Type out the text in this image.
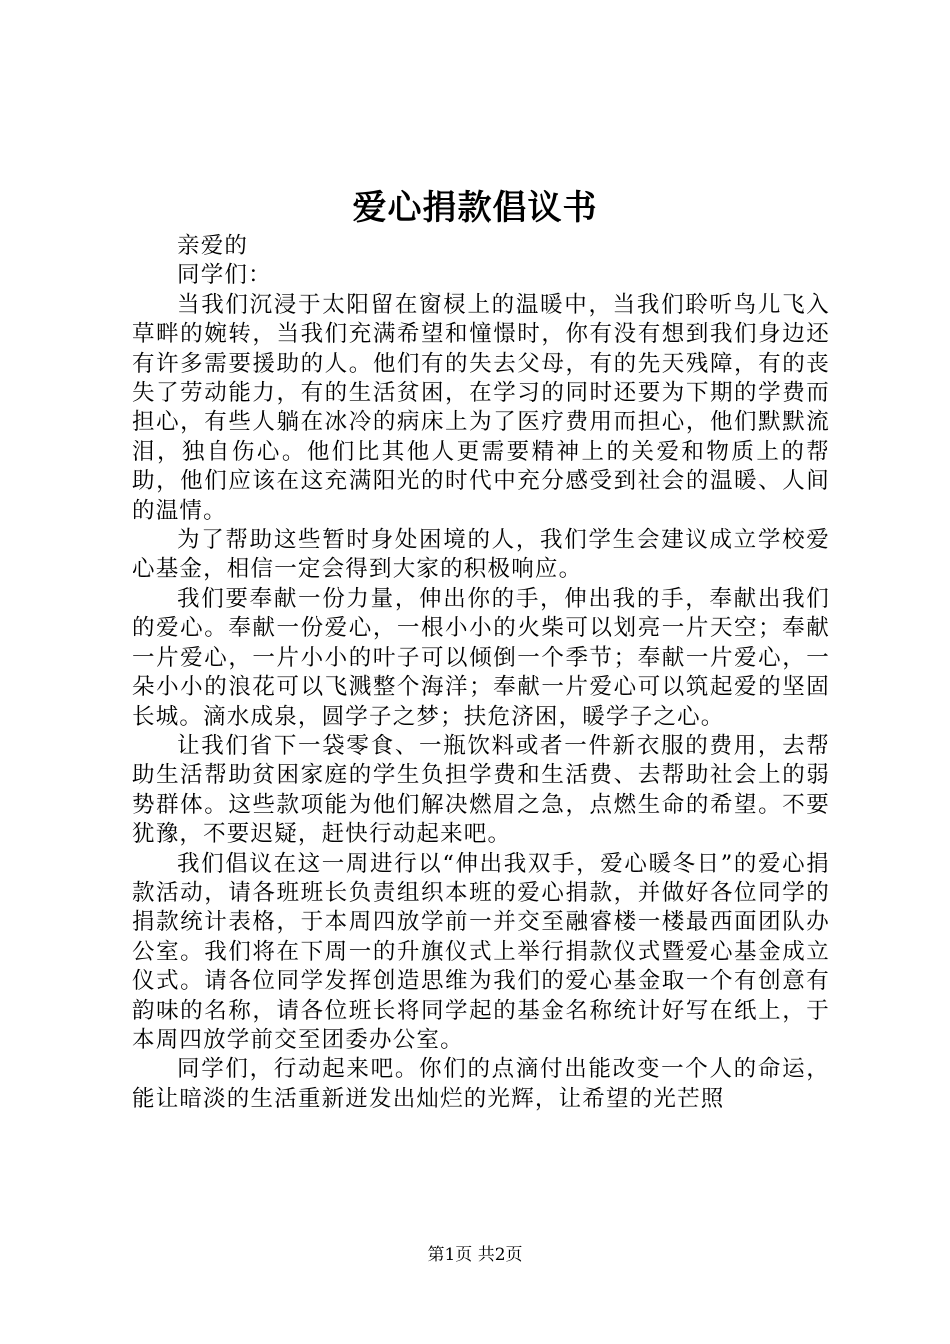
爱心捐款倡议书

亲爱的

同学们：

当我们沉浸于太阳留在窗棂上的温暖中，当我们聆听鸟儿飞入草畔的婉转，当我们充满希望和憧憬时，你有没有想到我们身边还有许多需要援助的人。他们有的失去父母，有的先天残障，有的丧失了劳动能力，有的生活贫困，在学习的同时还要为下期的学费而担心，有些人躺在冰冷的病床上为了医疗费用而担心，他们默默流泪，独自伤心。他们比其他人更需要精神上的关爱和物质上的帮助，他们应该在这充满阳光的时代中充分感受到社会的温暖、人间的温情。

为了帮助这些暂时身处困境的人，我们学生会建议成立学校爱心基金，相信一定会得到大家的积极响应。

我们要奉献一份力量，伸出你的手，伸出我的手，奉献出我们的爱心。奉献一份爱心，一根小小的火柴可以划亮一片天空；奉献一片爱心，一片小小的叶子可以倾倒一个季节；奉献一片爱心，一朵小小的浪花可以飞溅整个海洋；奉献一片爱心可以筑起爱的坚固长城。滴水成泉，圆学子之梦；扶危济困，暖学子之心。

让我们省下一袋零食、一瓶饮料或者一件新衣服的费用，去帮助生活帮助贫困家庭的学生负担学费和生活费、去帮助社会上的弱势群体。这些款项能为他们解决燃眉之急，点燃生命的希望。不要犹豫，不要迟疑，赶快行动起来吧。

我们倡议在这一周进行以“伸出我双手，爱心暖冬日”的爱心捐款活动，请各班班长负责组织本班的爱心捐款，并做好各位同学的捐款统计表格，于本周四放学前一并交至融睿楼一楼最西面团队办公室。我们将在下周一的升旗仪式上举行捐款仪式暨爱心基金成立仪式。请各位同学发挥创造思维为我们的爱心基金取一个有创意有韵味的名称，请各位班长将同学起的基金名称统计好写在纸上，于本周四放学前交至团委办公室。

同学们，行动起来吧。你们的点滴付出能改变一个人的命运，能让暗淡的生活重新迸发出灿烂的光辉，让希望的光芒照

第1页 共2页
